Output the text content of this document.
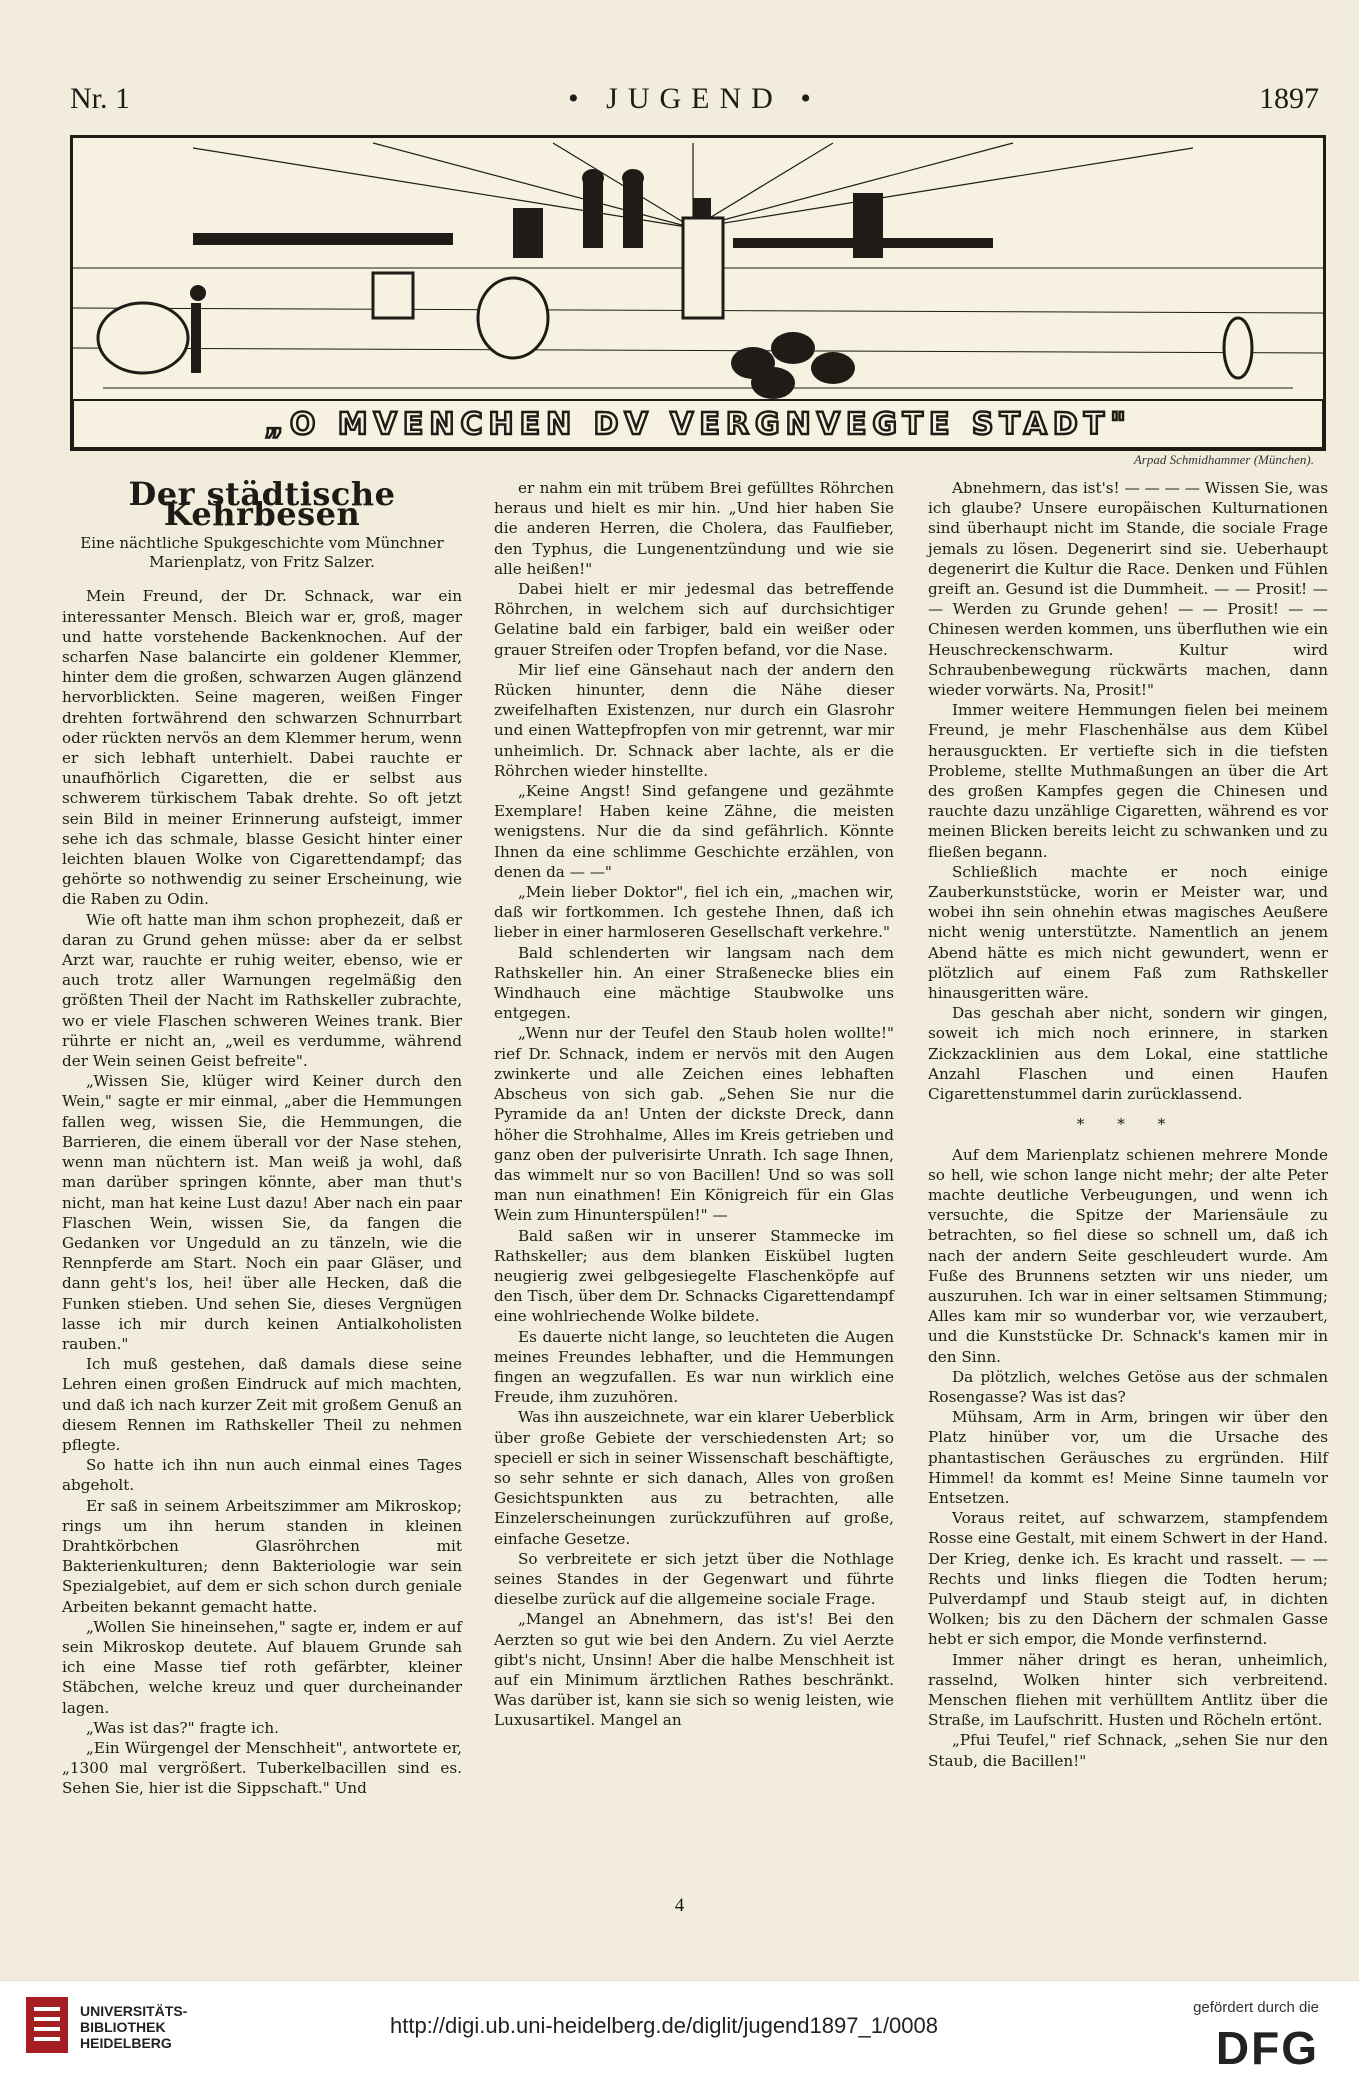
Nr. 1	• JUGEND •	1897
„O MVENCHEN DV VERGNVEGTE STADT"
Arpad Schmidhammer (München).
Der städtische Kehrbesen
Eine nächtliche Spukgeschichte vom Münchner Marienplatz, von Fritz Salzer.

Mein Freund, der Dr. Schnack, war ein interessanter Mensch. Bleich war er, groß, mager und hatte vorstehende Backenknochen. Auf der scharfen Nase balancirte ein goldener Klemmer, hinter dem die großen, schwarzen Augen glänzend hervorblickten. Seine mageren, weißen Finger drehten fortwährend den schwarzen Schnurrbart oder rückten nervös an dem Klemmer herum, wenn er sich lebhaft unterhielt. Dabei rauchte er unaufhörlich Cigaretten, die er selbst aus schwerem türkischem Tabak drehte. So oft jetzt sein Bild in meiner Erinnerung aufsteigt, immer sehe ich das schmale, blasse Gesicht hinter einer leichten blauen Wolke von Cigarettendampf; das gehörte so nothwendig zu seiner Erscheinung, wie die Raben zu Odin.

Wie oft hatte man ihm schon prophezeit, daß er daran zu Grund gehen müsse: aber da er selbst Arzt war, rauchte er ruhig weiter, ebenso, wie er auch trotz aller Warnungen regelmäßig den größten Theil der Nacht im Rathskeller zubrachte, wo er viele Flaschen schweren Weines trank. Bier rührte er nicht an, „weil es verdumme, während der Wein seinen Geist befreite".

„Wissen Sie, klüger wird Keiner durch den Wein," sagte er mir einmal, „aber die Hemmungen fallen weg, wissen Sie, die Hemmungen, die Barrieren, die einem überall vor der Nase stehen, wenn man nüchtern ist. Man weiß ja wohl, daß man darüber springen könnte, aber man thut's nicht, man hat keine Lust dazu! Aber nach ein paar Flaschen Wein, wissen Sie, da fangen die Gedanken vor Ungeduld an zu tänzeln, wie die Rennpferde am Start. Noch ein paar Gläser, und dann geht's los, hei! über alle Hecken, daß die Funken stieben. Und sehen Sie, dieses Vergnügen lasse ich mir durch keinen Antialkoholisten rauben."

Ich muß gestehen, daß damals diese seine Lehren einen großen Eindruck auf mich machten, und daß ich nach kurzer Zeit mit großem Genuß an diesem Rennen im Rathskeller Theil zu nehmen pflegte.

So hatte ich ihn nun auch einmal eines Tages abgeholt.

Er saß in seinem Arbeitszimmer am Mikroskop; rings um ihn herum standen in kleinen Drahtkörbchen Glasröhrchen mit Bakterienkulturen; denn Bakteriologie war sein Spezialgebiet, auf dem er sich schon durch geniale Arbeiten bekannt gemacht hatte.

„Wollen Sie hineinsehen," sagte er, indem er auf sein Mikroskop deutete. Auf blauem Grunde sah ich eine Masse tief roth gefärbter, kleiner Stäbchen, welche kreuz und quer durcheinander lagen.

„Was ist das?" fragte ich.

„Ein Würgengel der Menschheit", antwortete er, „1300 mal vergrößert. Tuberkelbacillen sind es. Sehen Sie, hier ist die Sippschaft." Und

er nahm ein mit trübem Brei gefülltes Röhrchen heraus und hielt es mir hin. „Und hier haben Sie die anderen Herren, die Cholera, das Faulfieber, den Typhus, die Lungenentzündung und wie sie alle heißen!"

Dabei hielt er mir jedesmal das betreffende Röhrchen, in welchem sich auf durchsichtiger Gelatine bald ein farbiger, bald ein weißer oder grauer Streifen oder Tropfen befand, vor die Nase.

Mir lief eine Gänsehaut nach der andern den Rücken hinunter, denn die Nähe dieser zweifelhaften Existenzen, nur durch ein Glasrohr und einen Wattepfropfen von mir getrennt, war mir unheimlich. Dr. Schnack aber lachte, als er die Röhrchen wieder hinstellte.

„Keine Angst! Sind gefangene und gezähmte Exemplare! Haben keine Zähne, die meisten wenigstens. Nur die da sind gefährlich. Könnte Ihnen da eine schlimme Geschichte erzählen, von denen da — —"

„Mein lieber Doktor", fiel ich ein, „machen wir, daß wir fortkommen. Ich gestehe Ihnen, daß ich lieber in einer harmloseren Gesellschaft verkehre."

Bald schlenderten wir langsam nach dem Rathskeller hin. An einer Straßenecke blies ein Windhauch eine mächtige Staubwolke uns entgegen.

„Wenn nur der Teufel den Staub holen wollte!" rief Dr. Schnack, indem er nervös mit den Augen zwinkerte und alle Zeichen eines lebhaften Abscheus von sich gab. „Sehen Sie nur die Pyramide da an! Unten der dickste Dreck, dann höher die Strohhalme, Alles im Kreis getrieben und ganz oben der pulverisirte Unrath. Ich sage Ihnen, das wimmelt nur so von Bacillen! Und so was soll man nun einathmen! Ein Königreich für ein Glas Wein zum Hinunterspülen!" —

Bald saßen wir in unserer Stammecke im Rathskeller; aus dem blanken Eiskübel lugten neugierig zwei gelbgesiegelte Flaschenköpfe auf den Tisch, über dem Dr. Schnacks Cigarettendampf eine wohlriechende Wolke bildete.

Es dauerte nicht lange, so leuchteten die Augen meines Freundes lebhafter, und die Hemmungen fingen an wegzufallen. Es war nun wirklich eine Freude, ihm zuzuhören.

Was ihn auszeichnete, war ein klarer Ueberblick über große Gebiete der verschiedensten Art; so speciell er sich in seiner Wissenschaft beschäftigte, so sehr sehnte er sich danach, Alles von großen Gesichtspunkten aus zu betrachten, alle Einzelerscheinungen zurückzuführen auf große, einfache Gesetze.

So verbreitete er sich jetzt über die Nothlage seines Standes in der Gegenwart und führte dieselbe zurück auf die allgemeine sociale Frage.

„Mangel an Abnehmern, das ist's! Bei den Aerzten so gut wie bei den Andern. Zu viel Aerzte gibt's nicht, Unsinn! Aber die halbe Menschheit ist auf ein Minimum ärztlichen Rathes beschränkt. Was darüber ist, kann sie sich so wenig leisten, wie Luxusartikel. Mangel an

Abnehmern, das ist's! — — — — Wissen Sie, was ich glaube? Unsere europäischen Kulturnationen sind überhaupt nicht im Stande, die sociale Frage jemals zu lösen. Degenerirt sind sie. Ueberhaupt degenerirt die Kultur die Race. Denken und Fühlen greift an. Gesund ist die Dummheit. — — Prosit! — — Werden zu Grunde gehen! — — Prosit! — — Chinesen werden kommen, uns überfluthen wie ein Heuschreckenschwarm. Kultur wird Schraubenbewegung rückwärts machen, dann wieder vorwärts. Na, Prosit!"

Immer weitere Hemmungen fielen bei meinem Freund, je mehr Flaschenhälse aus dem Kübel herausguckten. Er vertiefte sich in die tiefsten Probleme, stellte Muthmaßungen an über die Art des großen Kampfes gegen die Chinesen und rauchte dazu unzählige Cigaretten, während es vor meinen Blicken bereits leicht zu schwanken und zu fließen begann.

Schließlich machte er noch einige Zauberkunststücke, worin er Meister war, und wobei ihn sein ohnehin etwas magisches Aeußere nicht wenig unterstützte. Namentlich an jenem Abend hätte es mich nicht gewundert, wenn er plötzlich auf einem Faß zum Rathskeller hinausgeritten wäre.

Das geschah aber nicht, sondern wir gingen, soweit ich mich noch erinnere, in starken Zickzacklinien aus dem Lokal, eine stattliche Anzahl Flaschen und einen Haufen Cigarettenstummel darin zurücklassend.

* * *

Auf dem Marienplatz schienen mehrere Monde so hell, wie schon lange nicht mehr; der alte Peter machte deutliche Verbeugungen, und wenn ich versuchte, die Spitze der Mariensäule zu betrachten, so fiel diese so schnell um, daß ich nach der andern Seite geschleudert wurde. Am Fuße des Brunnens setzten wir uns nieder, um auszuruhen. Ich war in einer seltsamen Stimmung; Alles kam mir so wunderbar vor, wie verzaubert, und die Kunststücke Dr. Schnack's kamen mir in den Sinn.

Da plötzlich, welches Getöse aus der schmalen Rosengasse? Was ist das?

Mühsam, Arm in Arm, bringen wir über den Platz hinüber vor, um die Ursache des phantastischen Geräusches zu ergründen. Hilf Himmel! da kommt es! Meine Sinne taumeln vor Entsetzen.

Voraus reitet, auf schwarzem, stampfendem Rosse eine Gestalt, mit einem Schwert in der Hand. Der Krieg, denke ich. Es kracht und rasselt. — — Rechts und links fliegen die Todten herum; Pulverdampf und Staub steigt auf, in dichten Wolken; bis zu den Dächern der schmalen Gasse hebt er sich empor, die Monde verfinsternd.

Immer näher dringt es heran, unheimlich, rasselnd, Wolken hinter sich verbreitend. Menschen fliehen mit verhülltem Antlitz über die Straße, im Laufschritt. Husten und Röcheln ertönt.

„Pfui Teufel," rief Schnack, „sehen Sie nur den Staub, die Bacillen!"

4
UNIVERSITÄTS-
BIBLIOTHEK
HEIDELBERG
http://digi.ub.uni-heidelberg.de/diglit/jugend1897_1/0008
gefördert durch die
DFG
